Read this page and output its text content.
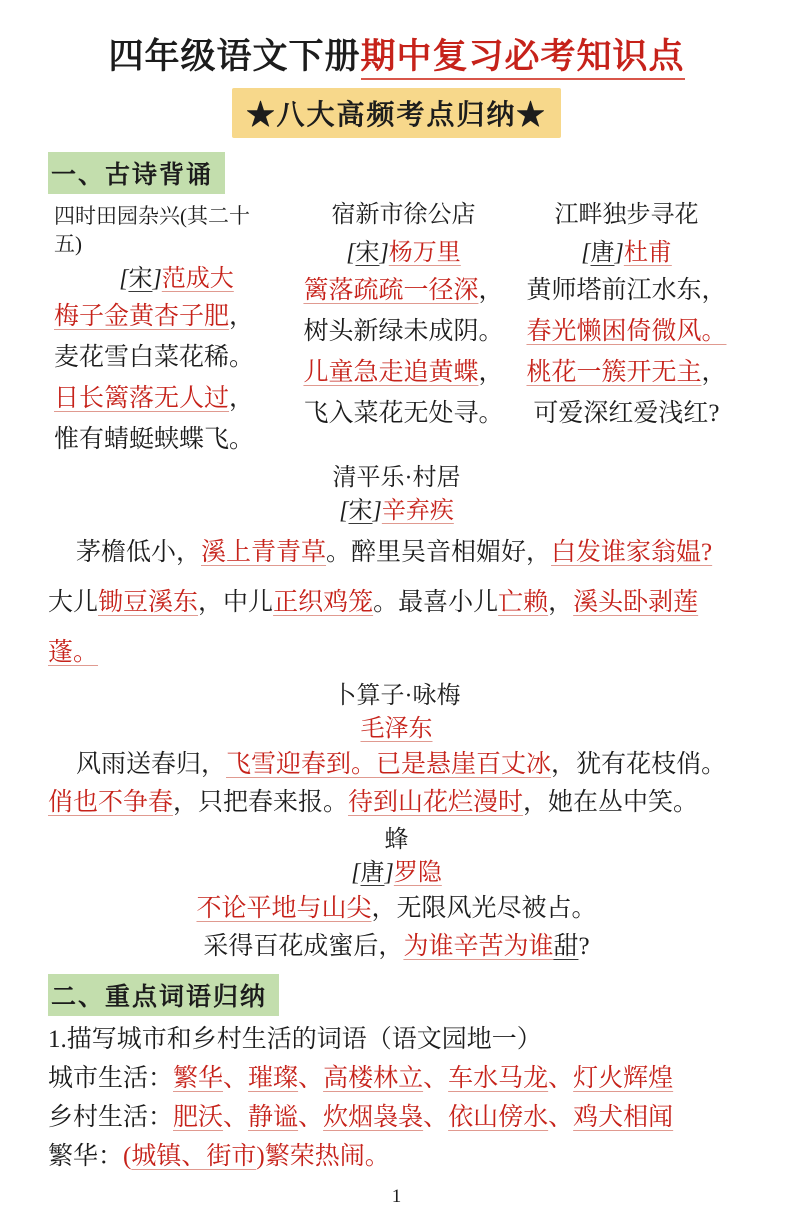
四年级语文下册期中复习必考知识点
★八大高频考点归纳★
一、古诗背诵
四时田园杂兴(其二十五)
[宋]范成大
梅子金黄杏子肥，
麦花雪白菜花稀。
日长篱落无人过，
惟有蜻蜓蛱蝶飞。
宿新市徐公店
[宋]杨万里
篱落疏疏一径深，
树头新绿未成阴。
儿童急走追黄蝶，
飞入菜花无处寻。
江畔独步寻花
[唐]杜甫
黄师塔前江水东，
春光懒困倚微风。
桃花一簇开无主，
可爱深红爱浅红?
清平乐·村居
[宋]辛弃疾
茅檐低小，溪上青青草。醉里吴音相媚好，白发谁家翁媪?
大儿锄豆溪东，中儿正织鸡笼。最喜小儿亡赖，溪头卧剥莲蓬。
卜算子·咏梅
毛泽东
风雨送春归，飞雪迎春到。已是悬崖百丈冰，犹有花枝俏。
俏也不争春，只把春来报。待到山花烂漫时，她在丛中笑。
蜂
[唐]罗隐
不论平地与山尖，无限风光尽被占。
采得百花成蜜后，为谁辛苦为谁甜?
二、重点词语归纳
1.描写城市和乡村生活的词语（语文园地一）
城市生活：繁华、璀璨、高楼林立、车水马龙、灯火辉煌
乡村生活：肥沃、静谧、炊烟袅袅、依山傍水、鸡犬相闻
繁华：(城镇、街市)繁荣热闹。
1
